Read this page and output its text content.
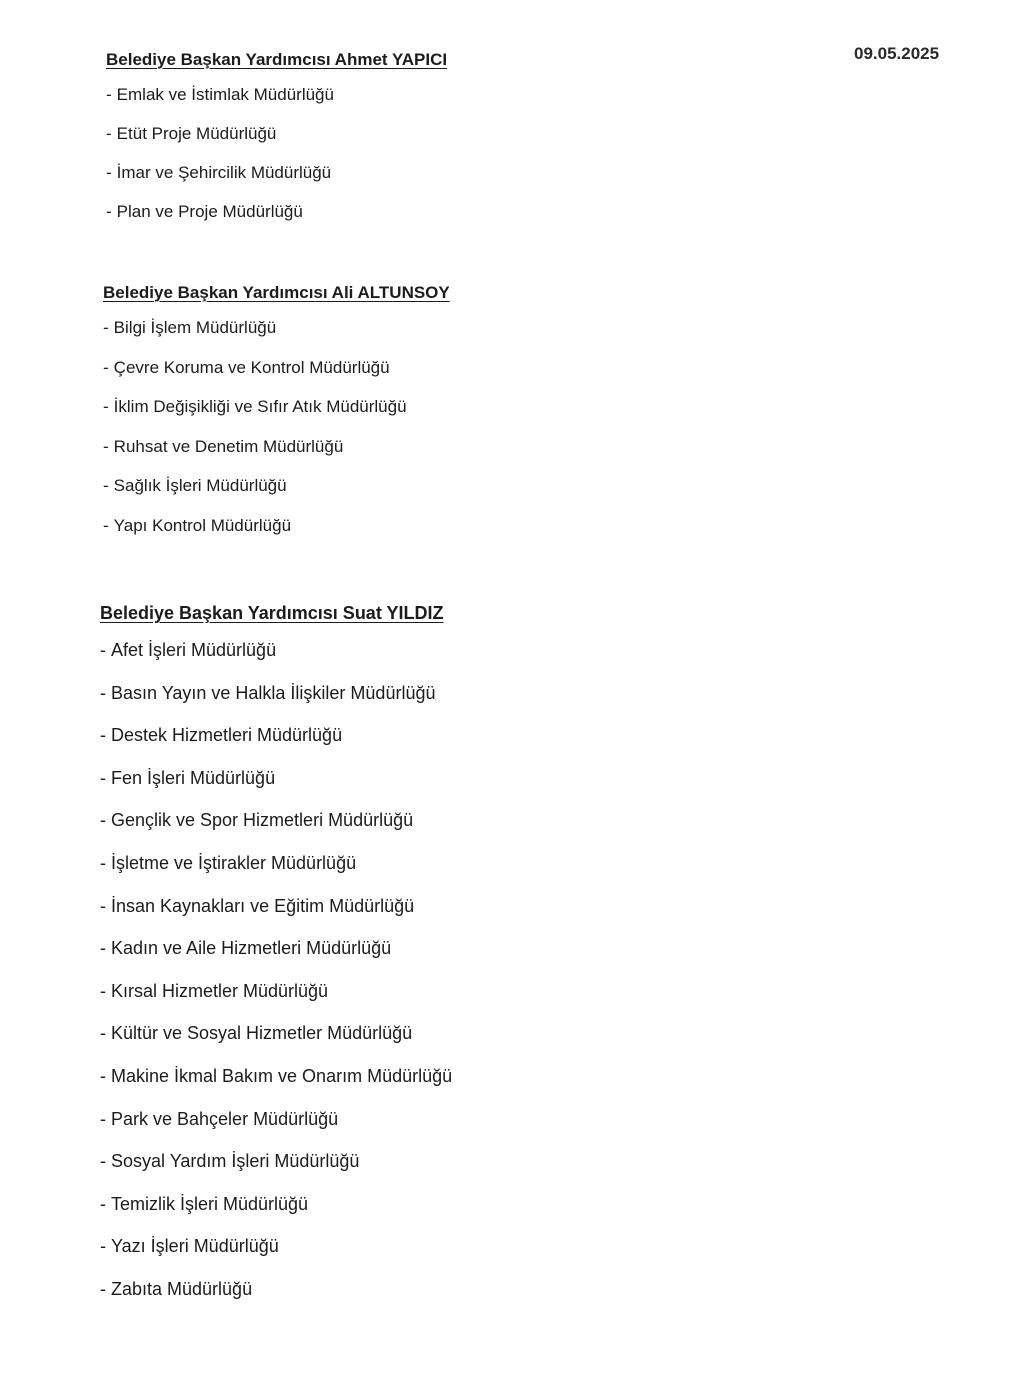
09.05.2025
Belediye Başkan Yardımcısı Ahmet YAPICI
- Emlak ve İstimlak Müdürlüğü
- Etüt Proje Müdürlüğü
- İmar ve Şehircilik Müdürlüğü
- Plan ve Proje Müdürlüğü
Belediye Başkan Yardımcısı Ali ALTUNSOY
- Bilgi İşlem Müdürlüğü
- Çevre Koruma ve Kontrol Müdürlüğü
- İklim Değişikliği ve Sıfır Atık Müdürlüğü
- Ruhsat ve Denetim Müdürlüğü
- Sağlık İşleri Müdürlüğü
- Yapı Kontrol Müdürlüğü
Belediye Başkan Yardımcısı Suat YILDIZ
- Afet İşleri Müdürlüğü
- Basın Yayın ve Halkla İlişkiler Müdürlüğü
- Destek Hizmetleri Müdürlüğü
- Fen İşleri Müdürlüğü
- Gençlik ve Spor Hizmetleri Müdürlüğü
- İşletme ve İştirakler Müdürlüğü
- İnsan Kaynakları ve Eğitim Müdürlüğü
- Kadın ve Aile Hizmetleri Müdürlüğü
- Kırsal Hizmetler Müdürlüğü
- Kültür ve Sosyal Hizmetler Müdürlüğü
- Makine İkmal Bakım ve Onarım Müdürlüğü
- Park ve Bahçeler Müdürlüğü
- Sosyal Yardım İşleri Müdürlüğü
- Temizlik İşleri Müdürlüğü
- Yazı İşleri Müdürlüğü
- Zabıta Müdürlüğü
